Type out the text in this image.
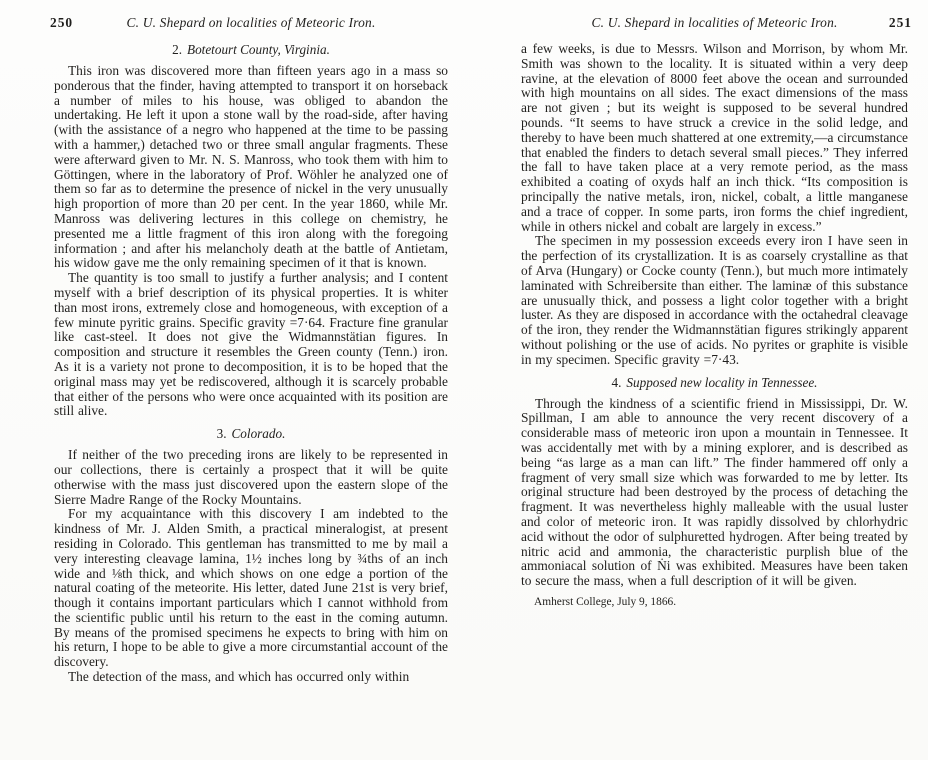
250	C. U. Shepard on localities of Meteoric Iron.
2. Botetourt County, Virginia.

This iron was discovered more than fifteen years ago in a mass so ponderous that the finder, having attempted to transport it on horseback a number of miles to his house, was obliged to abandon the undertaking. He left it upon a stone wall by the road-side, after having (with the assistance of a negro who happened at the time to be passing with a hammer,) detached two or three small angular fragments. These were afterward given to Mr. N. S. Manross, who took them with him to Göttingen, where in the laboratory of Prof. Wöhler he analyzed one of them so far as to determine the presence of nickel in the very unusually high proportion of more than 20 per cent. In the year 1860, while Mr. Manross was delivering lectures in this college on chemistry, he presented me a little fragment of this iron along with the foregoing information ; and after his melancholy death at the battle of Antietam, his widow gave me the only remaining specimen of it that is known.

The quantity is too small to justify a further analysis; and I content myself with a brief description of its physical properties. It is whiter than most irons, extremely close and homogeneous, with exception of a few minute pyritic grains. Specific gravity =7·64. Fracture fine granular like cast-steel. It does not give the Widmannstätian figures. In composition and structure it resembles the Green county (Tenn.) iron. As it is a variety not prone to decomposition, it is to be hoped that the original mass may yet be rediscovered, although it is scarcely probable that either of the persons who were once acquainted with its position are still alive.

3. Colorado.

If neither of the two preceding irons are likely to be represented in our collections, there is certainly a prospect that it will be quite otherwise with the mass just discovered upon the eastern slope of the Sierre Madre Range of the Rocky Mountains.

For my acquaintance with this discovery I am indebted to the kindness of Mr. J. Alden Smith, a practical mineralogist, at present residing in Colorado. This gentleman has transmitted to me by mail a very interesting cleavage lamina, 1½ inches long by ¾ths of an inch wide and ⅛th thick, and which shows on one edge a portion of the natural coating of the meteorite. His letter, dated June 21st is very brief, though it contains important particulars which I cannot withhold from the scientific public until his return to the east in the coming autumn. By means of the promised specimens he expects to bring with him on his return, I hope to be able to give a more circumstantial account of the discovery.

The detection of the mass, and which has occurred only within

C. U. Shepard in localities of Meteoric Iron.	251

a few weeks, is due to Messrs. Wilson and Morrison, by whom Mr. Smith was shown to the locality. It is situated within a very deep ravine, at the elevation of 8000 feet above the ocean and surrounded with high mountains on all sides. The exact dimensions of the mass are not given ; but its weight is supposed to be several hundred pounds. “It seems to have struck a crevice in the solid ledge, and thereby to have been much shattered at one extremity,—a circumstance that enabled the finders to detach several small pieces.” They inferred the fall to have taken place at a very remote period, as the mass exhibited a coating of oxyds half an inch thick. “Its composition is principally the native metals, iron, nickel, cobalt, a little manganese and a trace of copper. In some parts, iron forms the chief ingredient, while in others nickel and cobalt are largely in excess.”

The specimen in my possession exceeds every iron I have seen in the perfection of its crystallization. It is as coarsely crystalline as that of Arva (Hungary) or Cocke county (Tenn.), but much more intimately laminated with Schreibersite than either. The laminæ of this substance are unusually thick, and possess a light color together with a bright luster. As they are disposed in accordance with the octahedral cleavage of the iron, they render the Widmannstätian figures strikingly apparent without polishing or the use of acids. No pyrites or graphite is visible in my specimen. Specific gravity =7·43.

4. Supposed new locality in Tennessee.

Through the kindness of a scientific friend in Mississippi, Dr. W. Spillman, I am able to announce the very recent discovery of a considerable mass of meteoric iron upon a mountain in Tennessee. It was accidentally met with by a mining explorer, and is described as being “as large as a man can lift.” The finder hammered off only a fragment of very small size which was forwarded to me by letter. Its original structure had been destroyed by the process of detaching the fragment. It was nevertheless highly malleable with the usual luster and color of meteoric iron. It was rapidly dissolved by chlorhydric acid without the odor of sulphuretted hydrogen. After being treated by nitric acid and ammonia, the characteristic purplish blue of the ammoniacal solution of Ṅi was exhibited. Measures have been taken to secure the mass, when a full description of it will be given.

Amherst College, July 9, 1866.
